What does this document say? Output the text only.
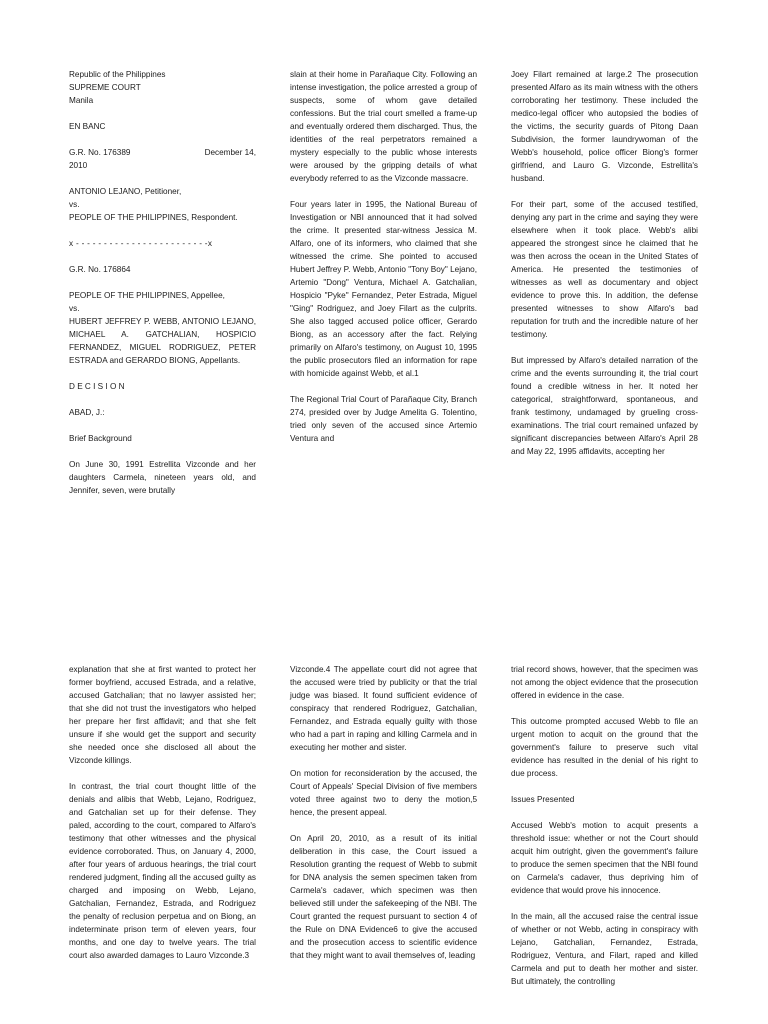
Republic of the Philippines
SUPREME COURT
Manila

EN BANC

G.R. No. 176389	December 14,
2010

ANTONIO LEJANO, Petitioner,
vs.
PEOPLE OF THE PHILIPPINES, Respondent.

x - - - - - - - - - - - - - - - - - - - - - - - -x

G.R. No. 176864

PEOPLE OF THE PHILIPPINES, Appellee,
vs.
HUBERT JEFFREY P. WEBB, ANTONIO LEJANO, MICHAEL A. GATCHALIAN, HOSPICIO FERNANDEZ, MIGUEL RODRIGUEZ, PETER ESTRADA and GERARDO BIONG, Appellants.

D E C I S I O N

ABAD, J.:

Brief Background

On June 30, 1991 Estrellita Vizconde and her daughters Carmela, nineteen years old, and Jennifer, seven, were brutally

slain at their home in Parañaque City. Following an intense investigation, the police arrested a group of suspects, some of whom gave detailed confessions. But the trial court smelled a frame-up and eventually ordered them discharged. Thus, the identities of the real perpetrators remained a mystery especially to the public whose interests were aroused by the gripping details of what everybody referred to as the Vizconde massacre.

Four years later in 1995, the National Bureau of Investigation or NBI announced that it had solved the crime. It presented star-witness Jessica M. Alfaro, one of its informers, who claimed that she witnessed the crime. She pointed to accused Hubert Jeffrey P. Webb, Antonio "Tony Boy" Lejano, Artemio "Dong" Ventura, Michael A. Gatchalian, Hospicio "Pyke" Fernandez, Peter Estrada, Miguel "Ging" Rodriguez, and Joey Filart as the culprits. She also tagged accused police officer, Gerardo Biong, as an accessory after the fact. Relying primarily on Alfaro's testimony, on August 10, 1995 the public prosecutors filed an information for rape with homicide against Webb, et al.1

The Regional Trial Court of Parañaque City, Branch 274, presided over by Judge Amelita G. Tolentino, tried only seven of the accused since Artemio Ventura and

Joey Filart remained at large.2 The prosecution presented Alfaro as its main witness with the others corroborating her testimony. These included the medico-legal officer who autopsied the bodies of the victims, the security guards of Pitong Daan Subdivision, the former laundrywoman of the Webb's household, police officer Biong's former girlfriend, and Lauro G. Vizconde, Estrellita's husband.

For their part, some of the accused testified, denying any part in the crime and saying they were elsewhere when it took place. Webb's alibi appeared the strongest since he claimed that he was then across the ocean in the United States of America. He presented the testimonies of witnesses as well as documentary and object evidence to prove this. In addition, the defense presented witnesses to show Alfaro's bad reputation for truth and the incredible nature of her testimony.

But impressed by Alfaro's detailed narration of the crime and the events surrounding it, the trial court found a credible witness in her. It noted her categorical, straightforward, spontaneous, and frank testimony, undamaged by grueling cross-examinations. The trial court remained unfazed by significant discrepancies between Alfaro's April 28 and May 22, 1995 affidavits, accepting her

explanation that she at first wanted to protect her former boyfriend, accused Estrada, and a relative, accused Gatchalian; that no lawyer assisted her; that she did not trust the investigators who helped her prepare her first affidavit; and that she felt unsure if she would get the support and security she needed once she disclosed all about the Vizconde killings.

In contrast, the trial court thought little of the denials and alibis that Webb, Lejano, Rodriguez, and Gatchalian set up for their defense. They paled, according to the court, compared to Alfaro's testimony that other witnesses and the physical evidence corroborated. Thus, on January 4, 2000, after four years of arduous hearings, the trial court rendered judgment, finding all the accused guilty as charged and imposing on Webb, Lejano, Gatchalian, Fernandez, Estrada, and Rodriguez the penalty of reclusion perpetua and on Biong, an indeterminate prison term of eleven years, four months, and one day to twelve years. The trial court also awarded damages to Lauro Vizconde.3

Vizconde.4 The appellate court did not agree that the accused were tried by publicity or that the trial judge was biased. It found sufficient evidence of conspiracy that rendered Rodriguez, Gatchalian, Fernandez, and Estrada equally guilty with those who had a part in raping and killing Carmela and in executing her mother and sister.

On motion for reconsideration by the accused, the Court of Appeals' Special Division of five members voted three against two to deny the motion,5 hence, the present appeal.

On April 20, 2010, as a result of its initial deliberation in this case, the Court issued a Resolution granting the request of Webb to submit for DNA analysis the semen specimen taken from Carmela's cadaver, which specimen was then believed still under the safekeeping of the NBI. The Court granted the request pursuant to section 4 of the Rule on DNA Evidence6 to give the accused and the prosecution access to scientific evidence that they might want to avail themselves of, leading

trial record shows, however, that the specimen was not among the object evidence that the prosecution offered in evidence in the case.

This outcome prompted accused Webb to file an urgent motion to acquit on the ground that the government's failure to preserve such vital evidence has resulted in the denial of his right to due process.

Issues Presented

Accused Webb's motion to acquit presents a threshold issue: whether or not the Court should acquit him outright, given the government's failure to produce the semen specimen that the NBI found on Carmela's cadaver, thus depriving him of evidence that would prove his innocence.

In the main, all the accused raise the central issue of whether or not Webb, acting in conspiracy with Lejano, Gatchalian, Fernandez, Estrada, Rodriguez, Ventura, and Filart, raped and killed Carmela and put to death her mother and sister. But ultimately, the controlling
